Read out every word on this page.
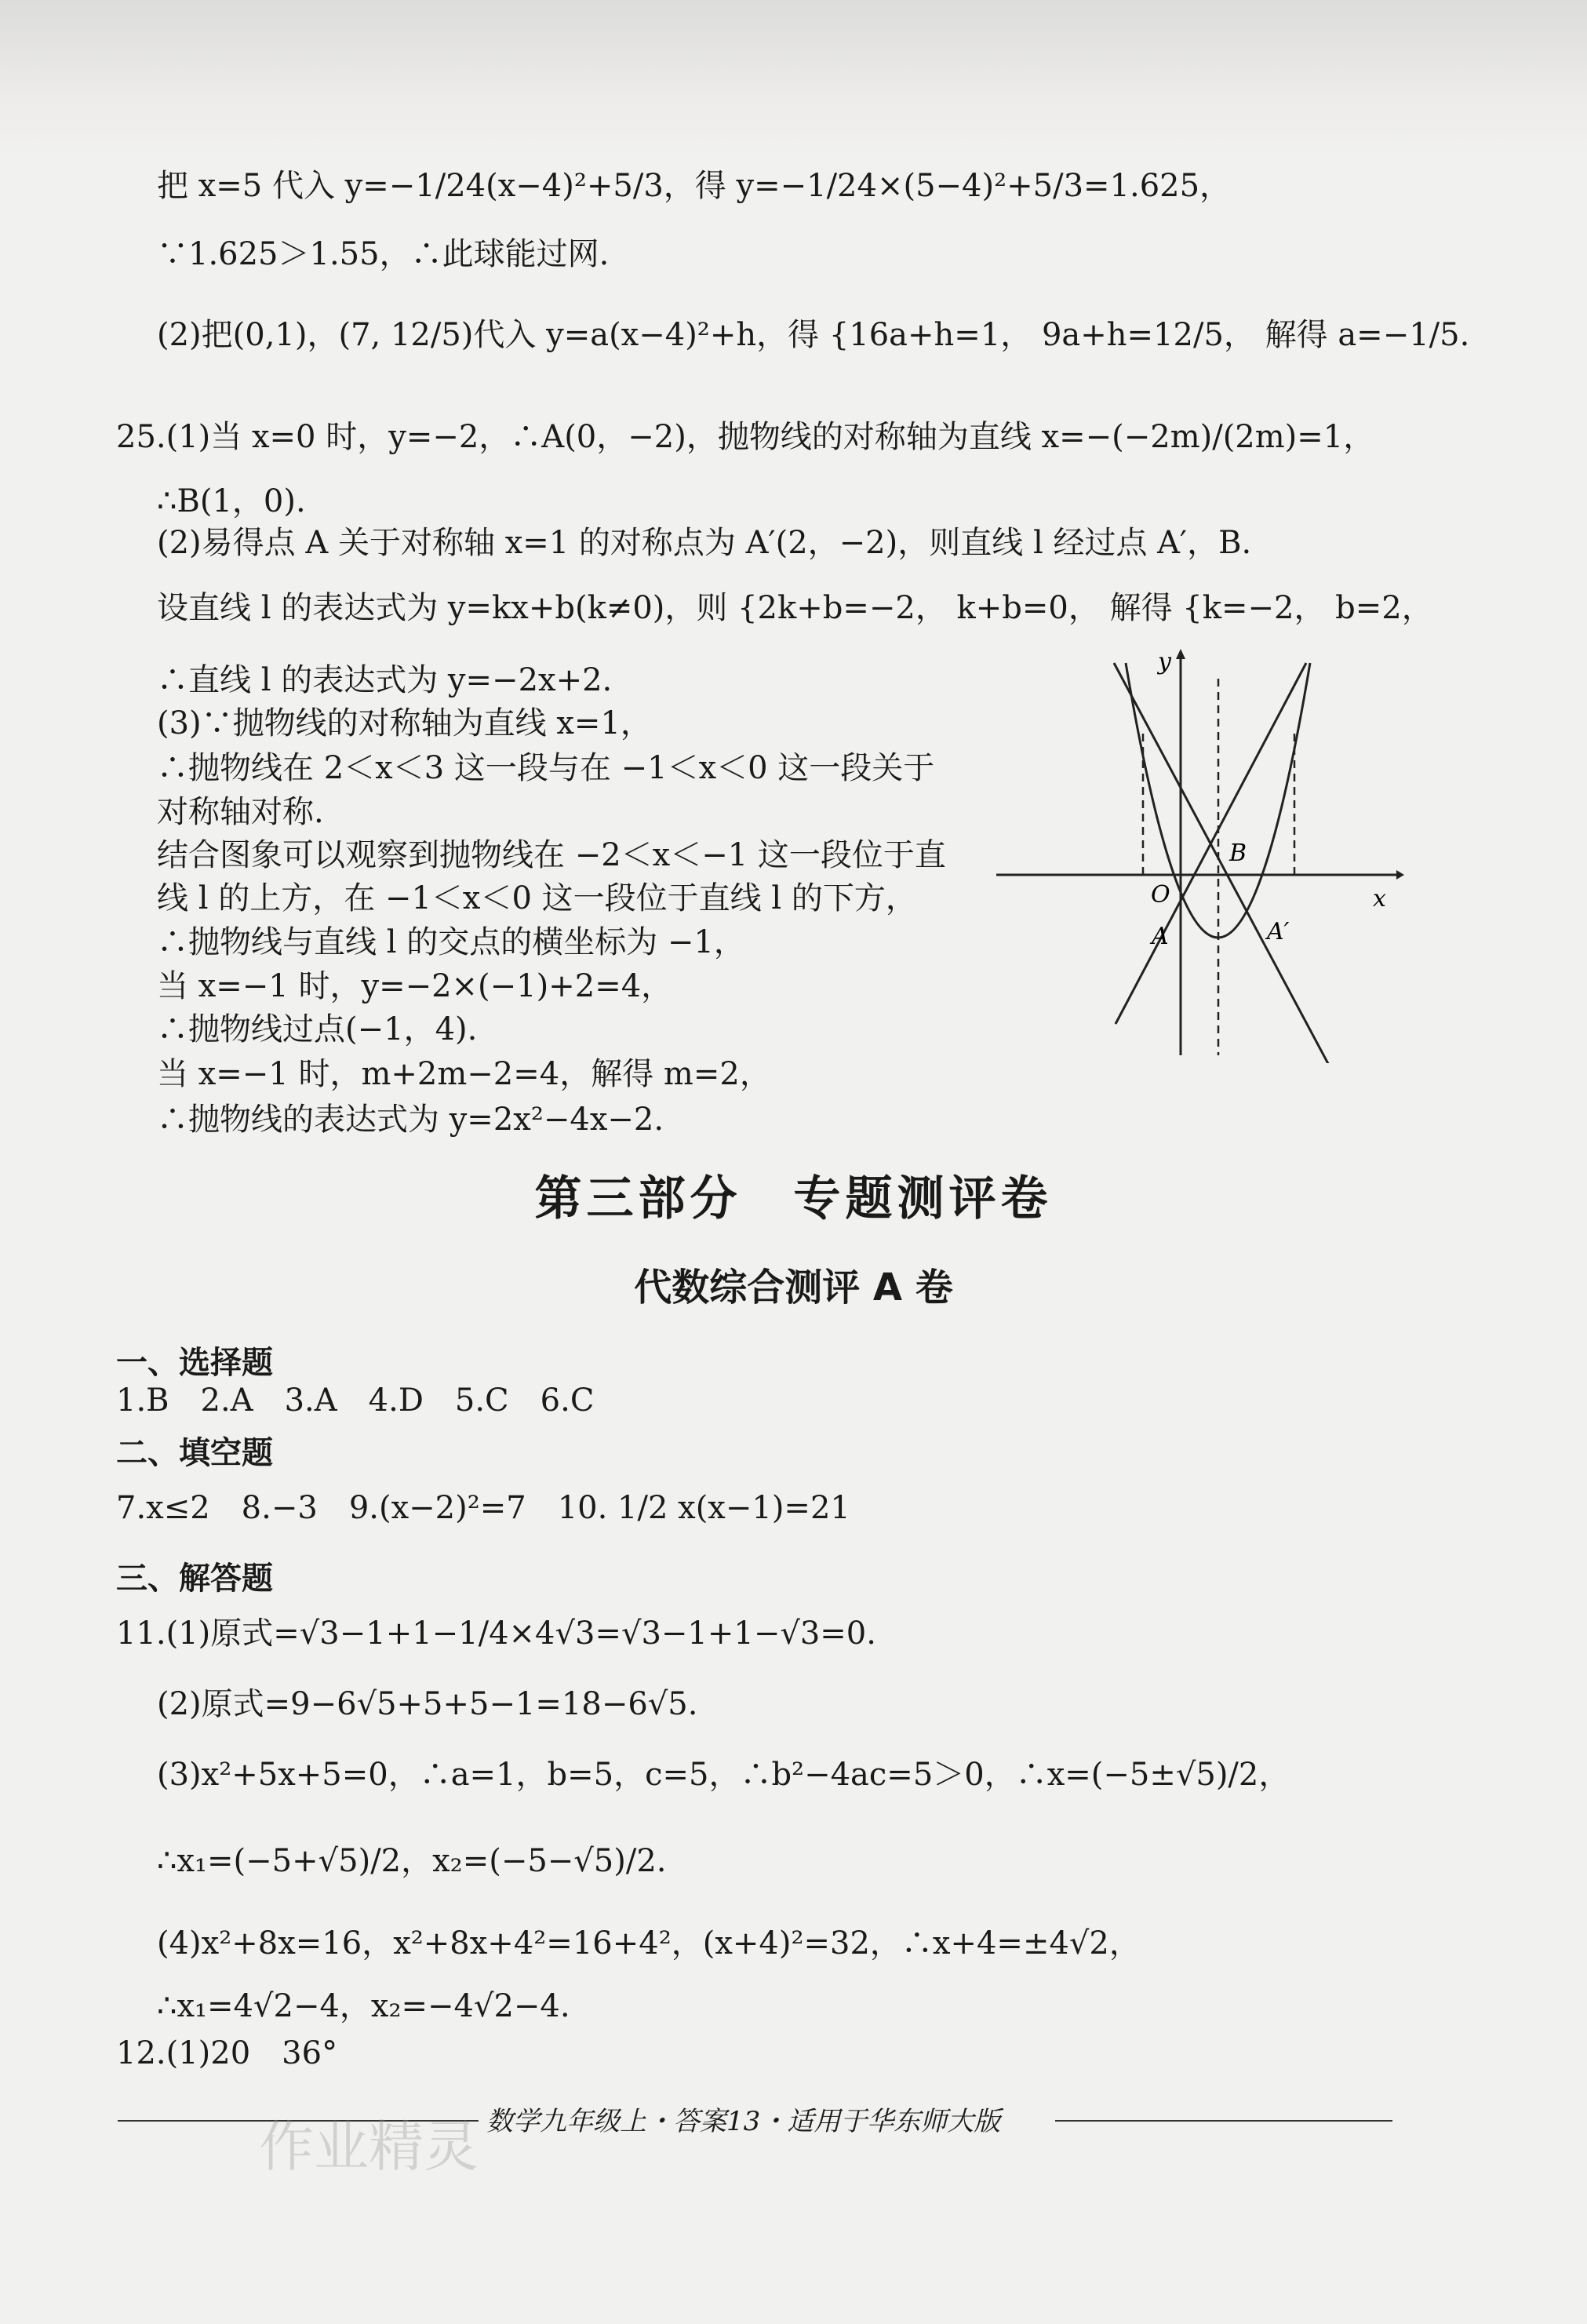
把 x=5 代入 y=−1/24(x−4)²+5/3，得 y=−1/24×(5−4)²+5/3=1.625，
∵1.625＞1.55，∴此球能过网.
(2)把(0,1)，(7, 12/5)代入 y=a(x−4)²+h，得 {16a+h=1， 9a+h=12/5， 解得 a=−1/5.
25.(1)当 x=0 时，y=−2，∴A(0，−2)，抛物线的对称轴为直线 x=−(−2m)/(2m)=1，
∴B(1，0).
(2)易得点 A 关于对称轴 x=1 的对称点为 A′(2，−2)，则直线 l 经过点 A′，B.
设直线 l 的表达式为 y=kx+b(k≠0)，则 {2k+b=−2， k+b=0， 解得 {k=−2， b=2，
∴直线 l 的表达式为 y=−2x+2.
(3)∵抛物线的对称轴为直线 x=1，
∴抛物线在 2＜x＜3 这一段与在 −1＜x＜0 这一段关于
对称轴对称.
结合图象可以观察到抛物线在 −2＜x＜−1 这一段位于直
线 l 的上方，在 −1＜x＜0 这一段位于直线 l 的下方，
∴抛物线与直线 l 的交点的横坐标为 −1，
当 x=−1 时，y=−2×(−1)+2=4，
∴抛物线过点(−1，4).
当 x=−1 时，m+2m−2=4，解得 m=2，
∴抛物线的表达式为 y=2x²−4x−2.
y
x
O
B
A	A′
第三部分　专题测评卷
代数综合测评 A 卷
一、选择题
1.B　2.A　3.A　4.D　5.C　6.C
二、填空题
7.x≤2　8.−3　9.(x−2)²=7　10. 1/2 x(x−1)=21
三、解答题
11.(1)原式=√3−1+1−1/4×4√3=√3−1+1−√3=0.
(2)原式=9−6√5+5+5−1=18−6√5.
(3)x²+5x+5=0，∴a=1，b=5，c=5，∴b²−4ac=5＞0，∴x=(−5±√5)/2，
∴x₁=(−5+√5)/2，x₂=(−5−√5)/2.
(4)x²+8x=16，x²+8x+4²=16+4²，(x+4)²=32，∴x+4=±4√2，
∴x₁=4√2−4，x₂=−4√2−4.
12.(1)20　36°
数学九年级上・答案13・适用于华东师大版
作业精灵
